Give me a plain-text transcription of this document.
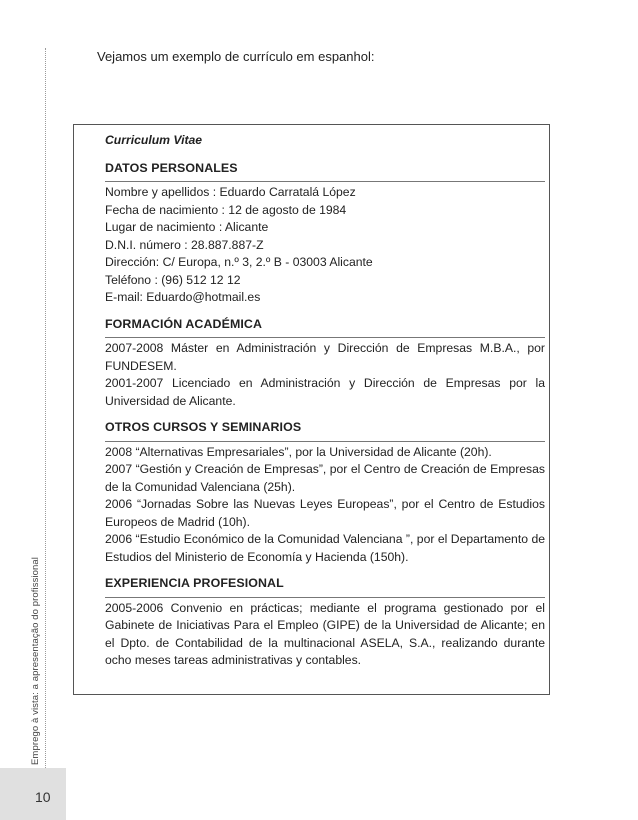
Emprego à vista: a apresentação do profissional
10
Vejamos um exemplo de currículo em espanhol:
Curriculum Vitae
DATOS PERSONALES
Nombre y apellidos : Eduardo Carratalá López
Fecha de nacimiento : 12 de agosto de 1984
Lugar de nacimiento : Alicante
D.N.I. número : 28.887.887-Z
Dirección: C/ Europa, n.º 3, 2.º B - 03003 Alicante
Teléfono : (96) 512 12 12
E-mail: Eduardo@hotmail.es
FORMACIÓN ACADÉMICA
2007-2008 Máster en Administración y Dirección de Empresas M.B.A., por FUNDESEM.
2001-2007 Licenciado en Administración y Dirección de Empresas por la Universidad de Alicante.
OTROS CURSOS Y SEMINARIOS
2008 “Alternativas Empresariales”, por la Universidad de Alicante (20h).
2007 “Gestión y Creación de Empresas”, por el Centro de Creación de Empresas de la Comunidad Valenciana (25h).
2006 “Jornadas Sobre las Nuevas Leyes Europeas”, por el Centro de Estudios Europeos de Madrid (10h).
2006 “Estudio Económico de la Comunidad Valenciana ”, por el Departamento de Estudios del Ministerio de Economía y Hacienda (150h).
EXPERIENCIA PROFESIONAL
2005-2006 Convenio en prácticas; mediante el programa gestionado por el Gabinete de Iniciativas Para el Empleo (GIPE) de la Universidad de Alicante; en el Dpto. de Contabilidad de la multinacional ASELA, S.A., realizando durante ocho meses tareas administrativas y contables.
